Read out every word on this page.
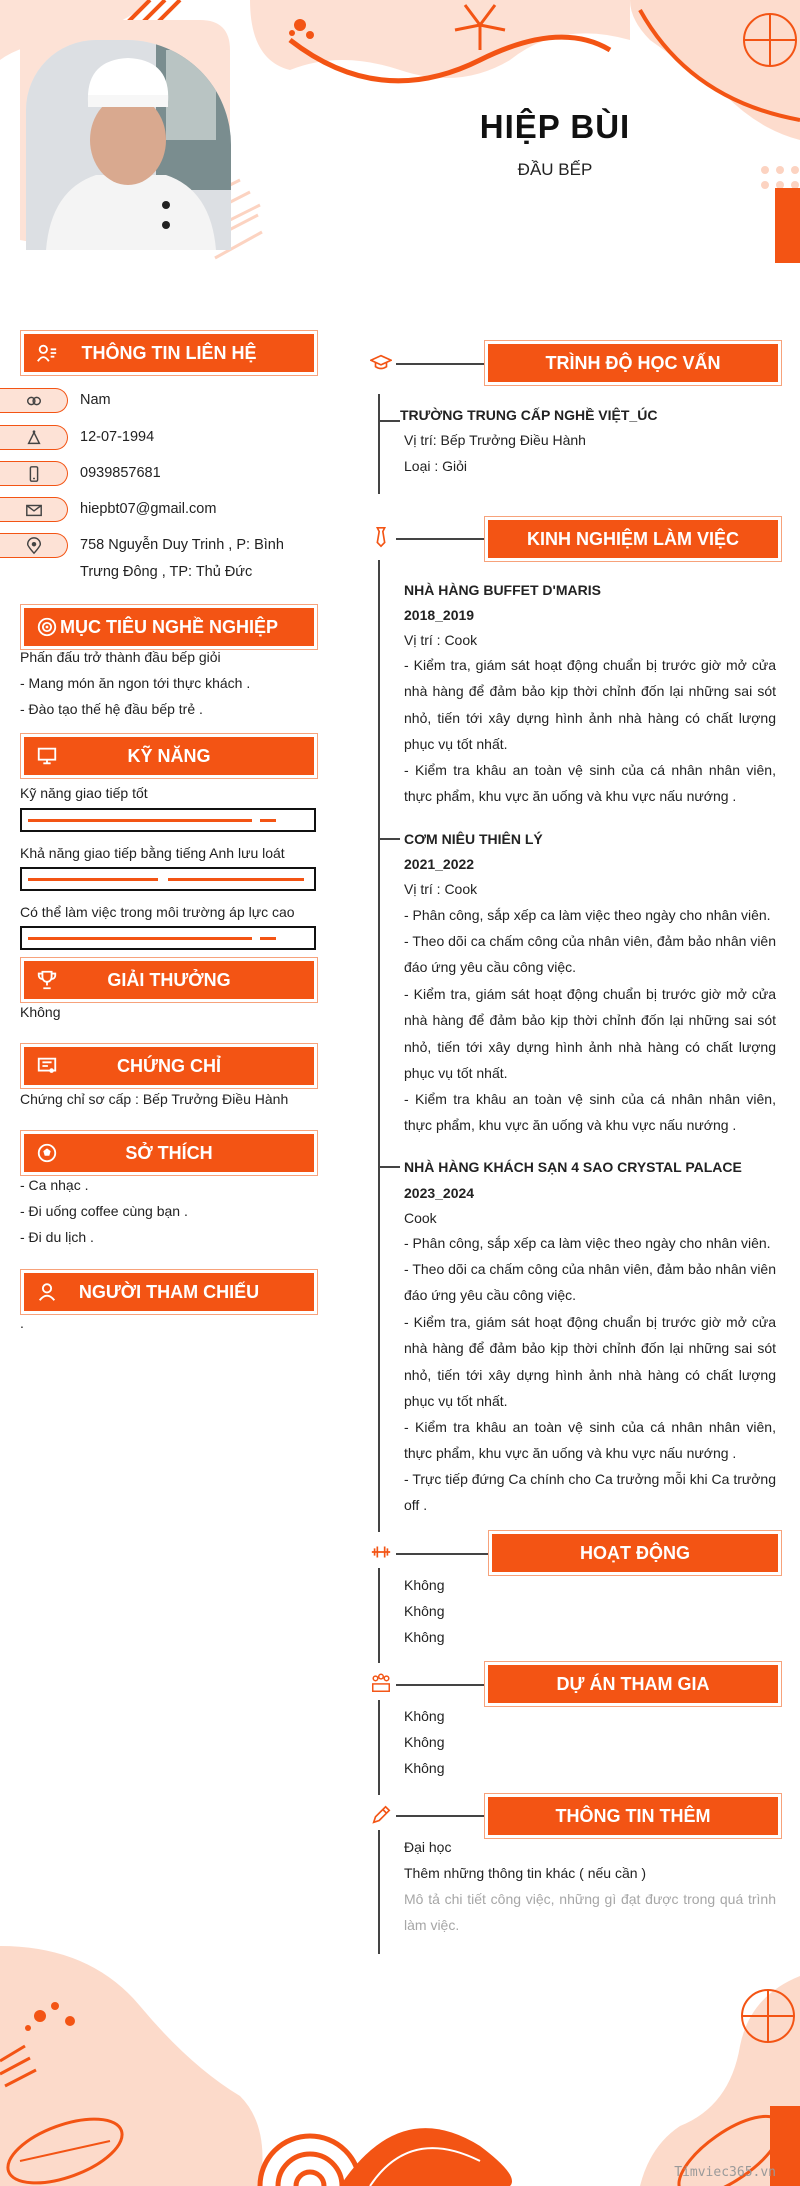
HIỆP BÙI
ĐẦU BẾP
THÔNG TIN LIÊN HỆ
Nam
12-07-1994
0939857681
hiepbt07@gmail.com
758 Nguyễn Duy Trinh , P: Bình
Trưng Đông , TP: Thủ Đức
MỤC TIÊU NGHỀ NGHIỆP
Phấn đấu trở thành đầu bếp giỏi
- Mang món ăn ngon tới thực khách .
- Đào tạo thế hệ đầu bếp trẻ .
KỸ NĂNG
Kỹ năng giao tiếp tốt
Khả năng giao tiếp bằng tiếng Anh lưu loát
Có thể làm việc trong môi trường áp lực cao
GIẢI THƯỞNG
Không
CHỨNG CHỈ
Chứng chỉ sơ cấp : Bếp Trưởng Điều Hành
SỞ THÍCH
- Ca nhạc .
- Đi uống coffee cùng bạn .
- Đi du lịch .
NGƯỜI THAM CHIẾU
.
TRÌNH ĐỘ HỌC VẤN
TRƯỜNG TRUNG CẤP NGHỀ VIỆT_ÚC
Vị trí: Bếp Trưởng Điều Hành
Loại : Giỏi
KINH NGHIỆM LÀM VIỆC
NHÀ HÀNG BUFFET D'MARIS
2018_2019
Vị trí : Cook
- Kiểm tra, giám sát hoạt động chuẩn bị trước giờ mở cửa nhà hàng để đảm bảo kịp thời chỉnh đốn lại những sai sót nhỏ, tiến tới xây dựng hình ảnh nhà hàng có chất lượng phục vụ tốt nhất.
- Kiểm tra khâu an toàn vệ sinh của cá nhân nhân viên, thực phẩm, khu vực ăn uống và khu vực nấu nướng .
CƠM NIÊU THIÊN LÝ
2021_2022
Vị trí : Cook
- Phân công, sắp xếp ca làm việc theo ngày cho nhân viên.
- Theo dõi ca chấm công của nhân viên, đảm bảo nhân viên đáo ứng yêu cầu công việc.
- Kiểm tra, giám sát hoạt động chuẩn bị trước giờ mở cửa nhà hàng để đảm bảo kịp thời chỉnh đốn lại những sai sót nhỏ, tiến tới xây dựng hình ảnh nhà hàng có chất lượng phục vụ tốt nhất.
- Kiểm tra khâu an toàn vệ sinh của cá nhân nhân viên, thực phẩm, khu vực ăn uống và khu vực nấu nướng .
NHÀ HÀNG KHÁCH SẠN 4 SAO CRYSTAL PALACE
2023_2024
Cook
- Phân công, sắp xếp ca làm việc theo ngày cho nhân viên.
- Theo dõi ca chấm công của nhân viên, đảm bảo nhân viên đáo ứng yêu cầu công việc.
- Kiểm tra, giám sát hoạt động chuẩn bị trước giờ mở cửa nhà hàng để đảm bảo kịp thời chỉnh đốn lại những sai sót nhỏ, tiến tới xây dựng hình ảnh nhà hàng có chất lượng phục vụ tốt nhất.
- Kiểm tra khâu an toàn vệ sinh của cá nhân nhân viên, thực phẩm, khu vực ăn uống và khu vực nấu nướng .
- Trực tiếp đứng Ca chính cho Ca trưởng mỗi khi Ca trưởng off .
HOẠT ĐỘNG
Không
Không
Không
DỰ ÁN THAM GIA
Không
Không
Không
THÔNG TIN THÊM
Đại học
Thêm những thông tin khác ( nếu cần )
Mô tả chi tiết công việc, những gì đạt được trong quá trình làm việc.
Timviec365.vn
